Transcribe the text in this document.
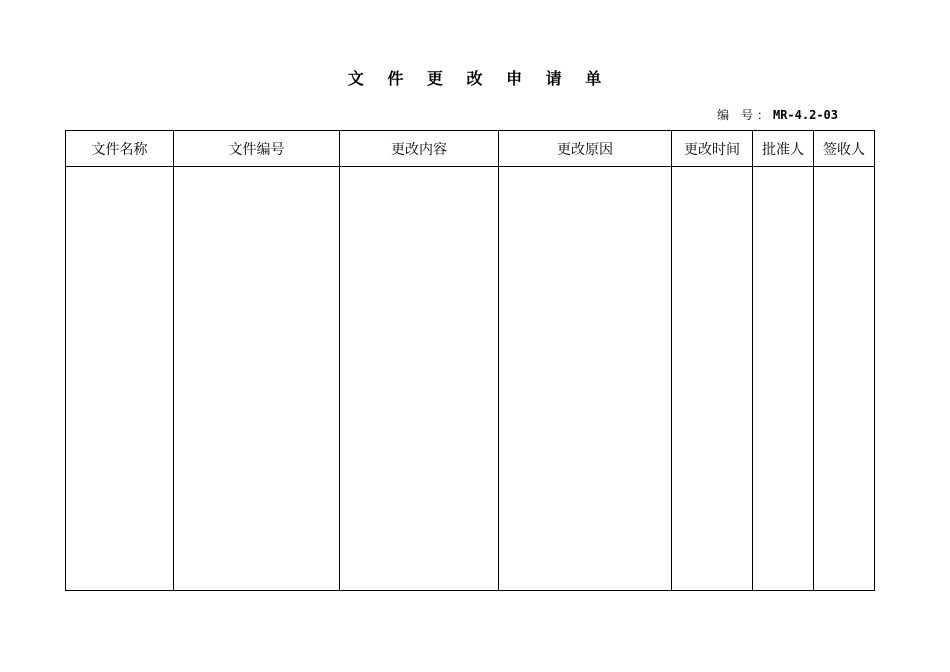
文 件 更 改 申 请 单
编 号：MR-4.2-03
文件名称	文件编号	更改内容	更改原因	更改时间	批准人	签收人
